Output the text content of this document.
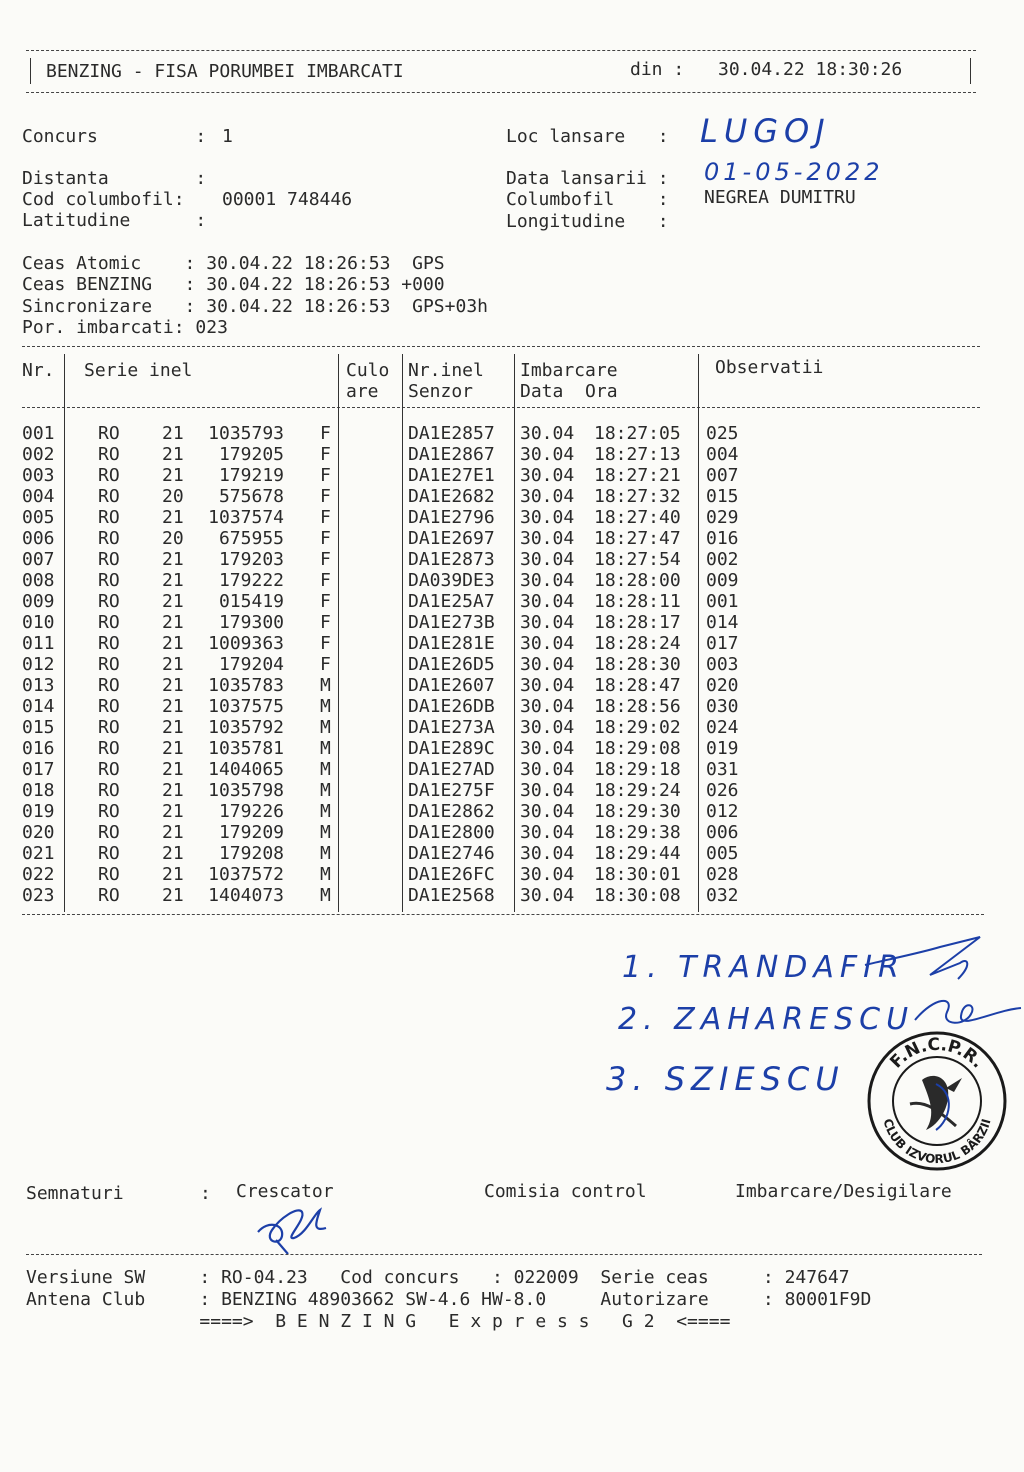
BENZING - FISA PORUMBEI IMBARCATI	din : 30.04.22 18:30:26
Concurs         : 1	Loc lansare   : LUGOJ
Distanta        :	Data lansarii : 01-05-2022
Cod columbofil: 00001 748446	Columbofil    : NEGREA DUMITRU
Latitudine      :	Longitudine   :
Ceas Atomic    : 30.04.22 18:26:53  GPS
Ceas BENZING   : 30.04.22 18:26:53 +000
Sincronizare   : 30.04.22 18:26:53  GPS+03h
Por. imbarcati: 023
Nr. Serie inel	Culo
are
Nr.inel
Senzor
Imbarcare
Data  Ora
Observatii
001 RO 21	1035793 F	DA1E2857 30.04 18:27:05 025
002 RO 21	179205 F	DA1E2867 30.04 18:27:13 004
003 RO 21	179219 F	DA1E27E1 30.04 18:27:21 007
004 RO 20	575678 F	DA1E2682 30.04 18:27:32 015
005 RO 21	1037574 F	DA1E2796 30.04 18:27:40 029
006 RO 20	675955 F	DA1E2697 30.04 18:27:47 016
007 RO 21	179203 F	DA1E2873 30.04 18:27:54 002
008 RO 21	179222 F	DA039DE3 30.04 18:28:00 009
009 RO 21	015419 F	DA1E25A7 30.04 18:28:11 001
010 RO 21	179300 F	DA1E273B 30.04 18:28:17 014
011 RO 21	1009363 F	DA1E281E 30.04 18:28:24 017
012 RO 21	179204 F	DA1E26D5 30.04 18:28:30 003
013 RO 21	1035783 M	DA1E2607 30.04 18:28:47 020
014 RO 21	1037575 M	DA1E26DB 30.04 18:28:56 030
015 RO 21	1035792 M	DA1E273A 30.04 18:29:02 024
016 RO 21	1035781 M	DA1E289C 30.04 18:29:08 019
017 RO 21	1404065 M	DA1E27AD 30.04 18:29:18 031
018 RO 21	1035798 M	DA1E275F 30.04 18:29:24 026
019 RO 21	179226 M	DA1E2862 30.04 18:29:30 012
020 RO 21	179209 M	DA1E2800 30.04 18:29:38 006
021 RO 21	179208 M	DA1E2746 30.04 18:29:44 005
022 RO 21	1037572 M	DA1E26FC 30.04 18:30:01 028
023 RO 21	1404073 M	DA1E2568 30.04 18:30:08 032
1. TRANDAFIR
2. ZAHARESCU
3. SZIESCU F.N.C.P.R.
CLUB IZVORUL BÂRZII
Semnaturi	: Crescator	Comisia control	Imbarcare/Desigilare
Versiune SW     : RO-04.23   Cod concurs   : 022009  Serie ceas     : 247647
Antena Club     : BENZING 48903662 SW-4.6 HW-8.0     Autorizare     : 80001F9D
====>  B E N Z I N G   E x p r e s s   G 2  <====
